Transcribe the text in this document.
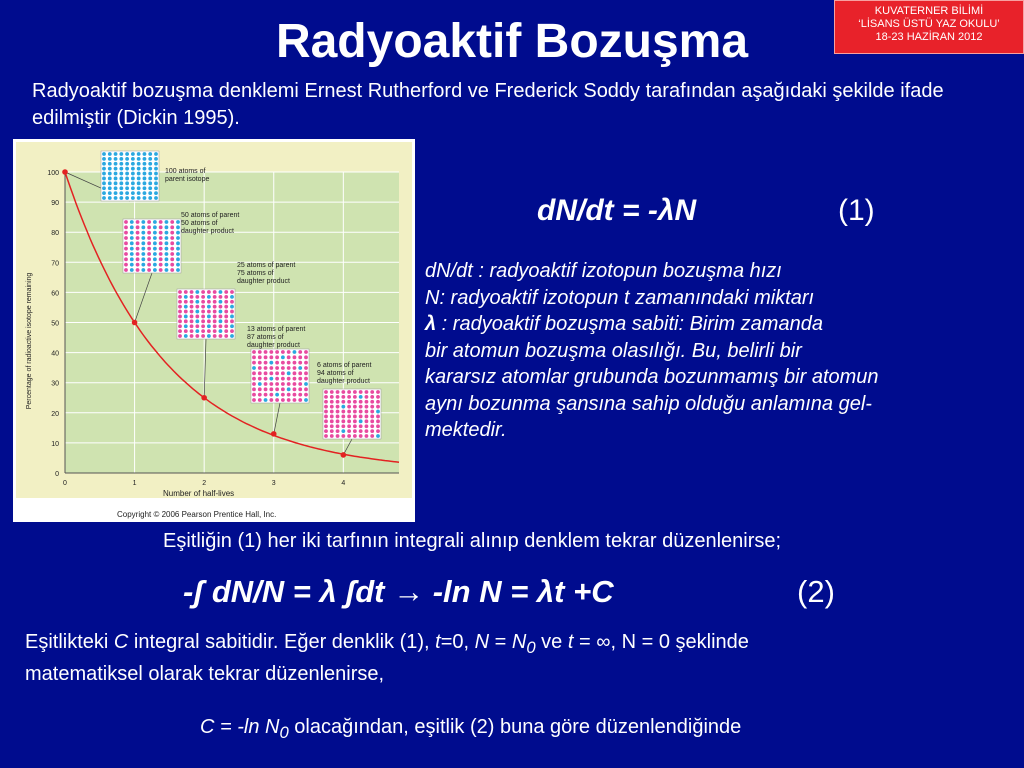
KUVATERNER BİLİMİ
‘LİSANS ÜSTÜ YAZ OKULU’
18-23 HAZİRAN 2012
Radyoaktif Bozuşma
Radyoaktif bozuşma denklemi Ernest Rutherford ve Frederick Soddy tarafından aşağıdaki şekilde ifade edilmiştir (Dickin 1995).
0
10
20
30
40
50
60
70
80
90
100
0	1	2	3	4
100 atoms of
parent isotope
50 atoms of parent
50 atoms of
daughter product
25 atoms of parent
75 atoms of
daughter product
13 atoms of parent
87 atoms of
daughter product
6 atoms of parent
94 atoms of
daughter product
Number of half-lives
Percentage of radioactive isotope remaining
Copyright © 2006 Pearson Prentice Hall, Inc.
dN/dt = -λN	(1)
dN/dt : radyoaktif izotopun bozuşma hızı
N: radyoaktif izotopun t zamanındaki miktarı
λ : radyoaktif bozuşma sabiti: Birim zamanda
bir atomun bozuşma olasılığı. Bu, belirli bir
kararsız atomlar grubunda bozunmamış bir atomun
aynı bozunma şansına sahip olduğu anlamına gel-
mektedir.
Eşitliğin (1) her iki tarfının integrali alınıp denklem tekrar düzenlenirse;
-ʃ dN/N = λ ʃdt → -ln N = λt +C	(2)
Eşitlikteki C integral sabitidir. Eğer denklik (1), t=0, $N = N_0$ ve t = ∞, N = 0 şeklinde
matematiksel olarak tekrar düzenlenirse,
C = -ln $N_0$ olacağından, eşitlik (2) buna göre düzenlendiğinde
